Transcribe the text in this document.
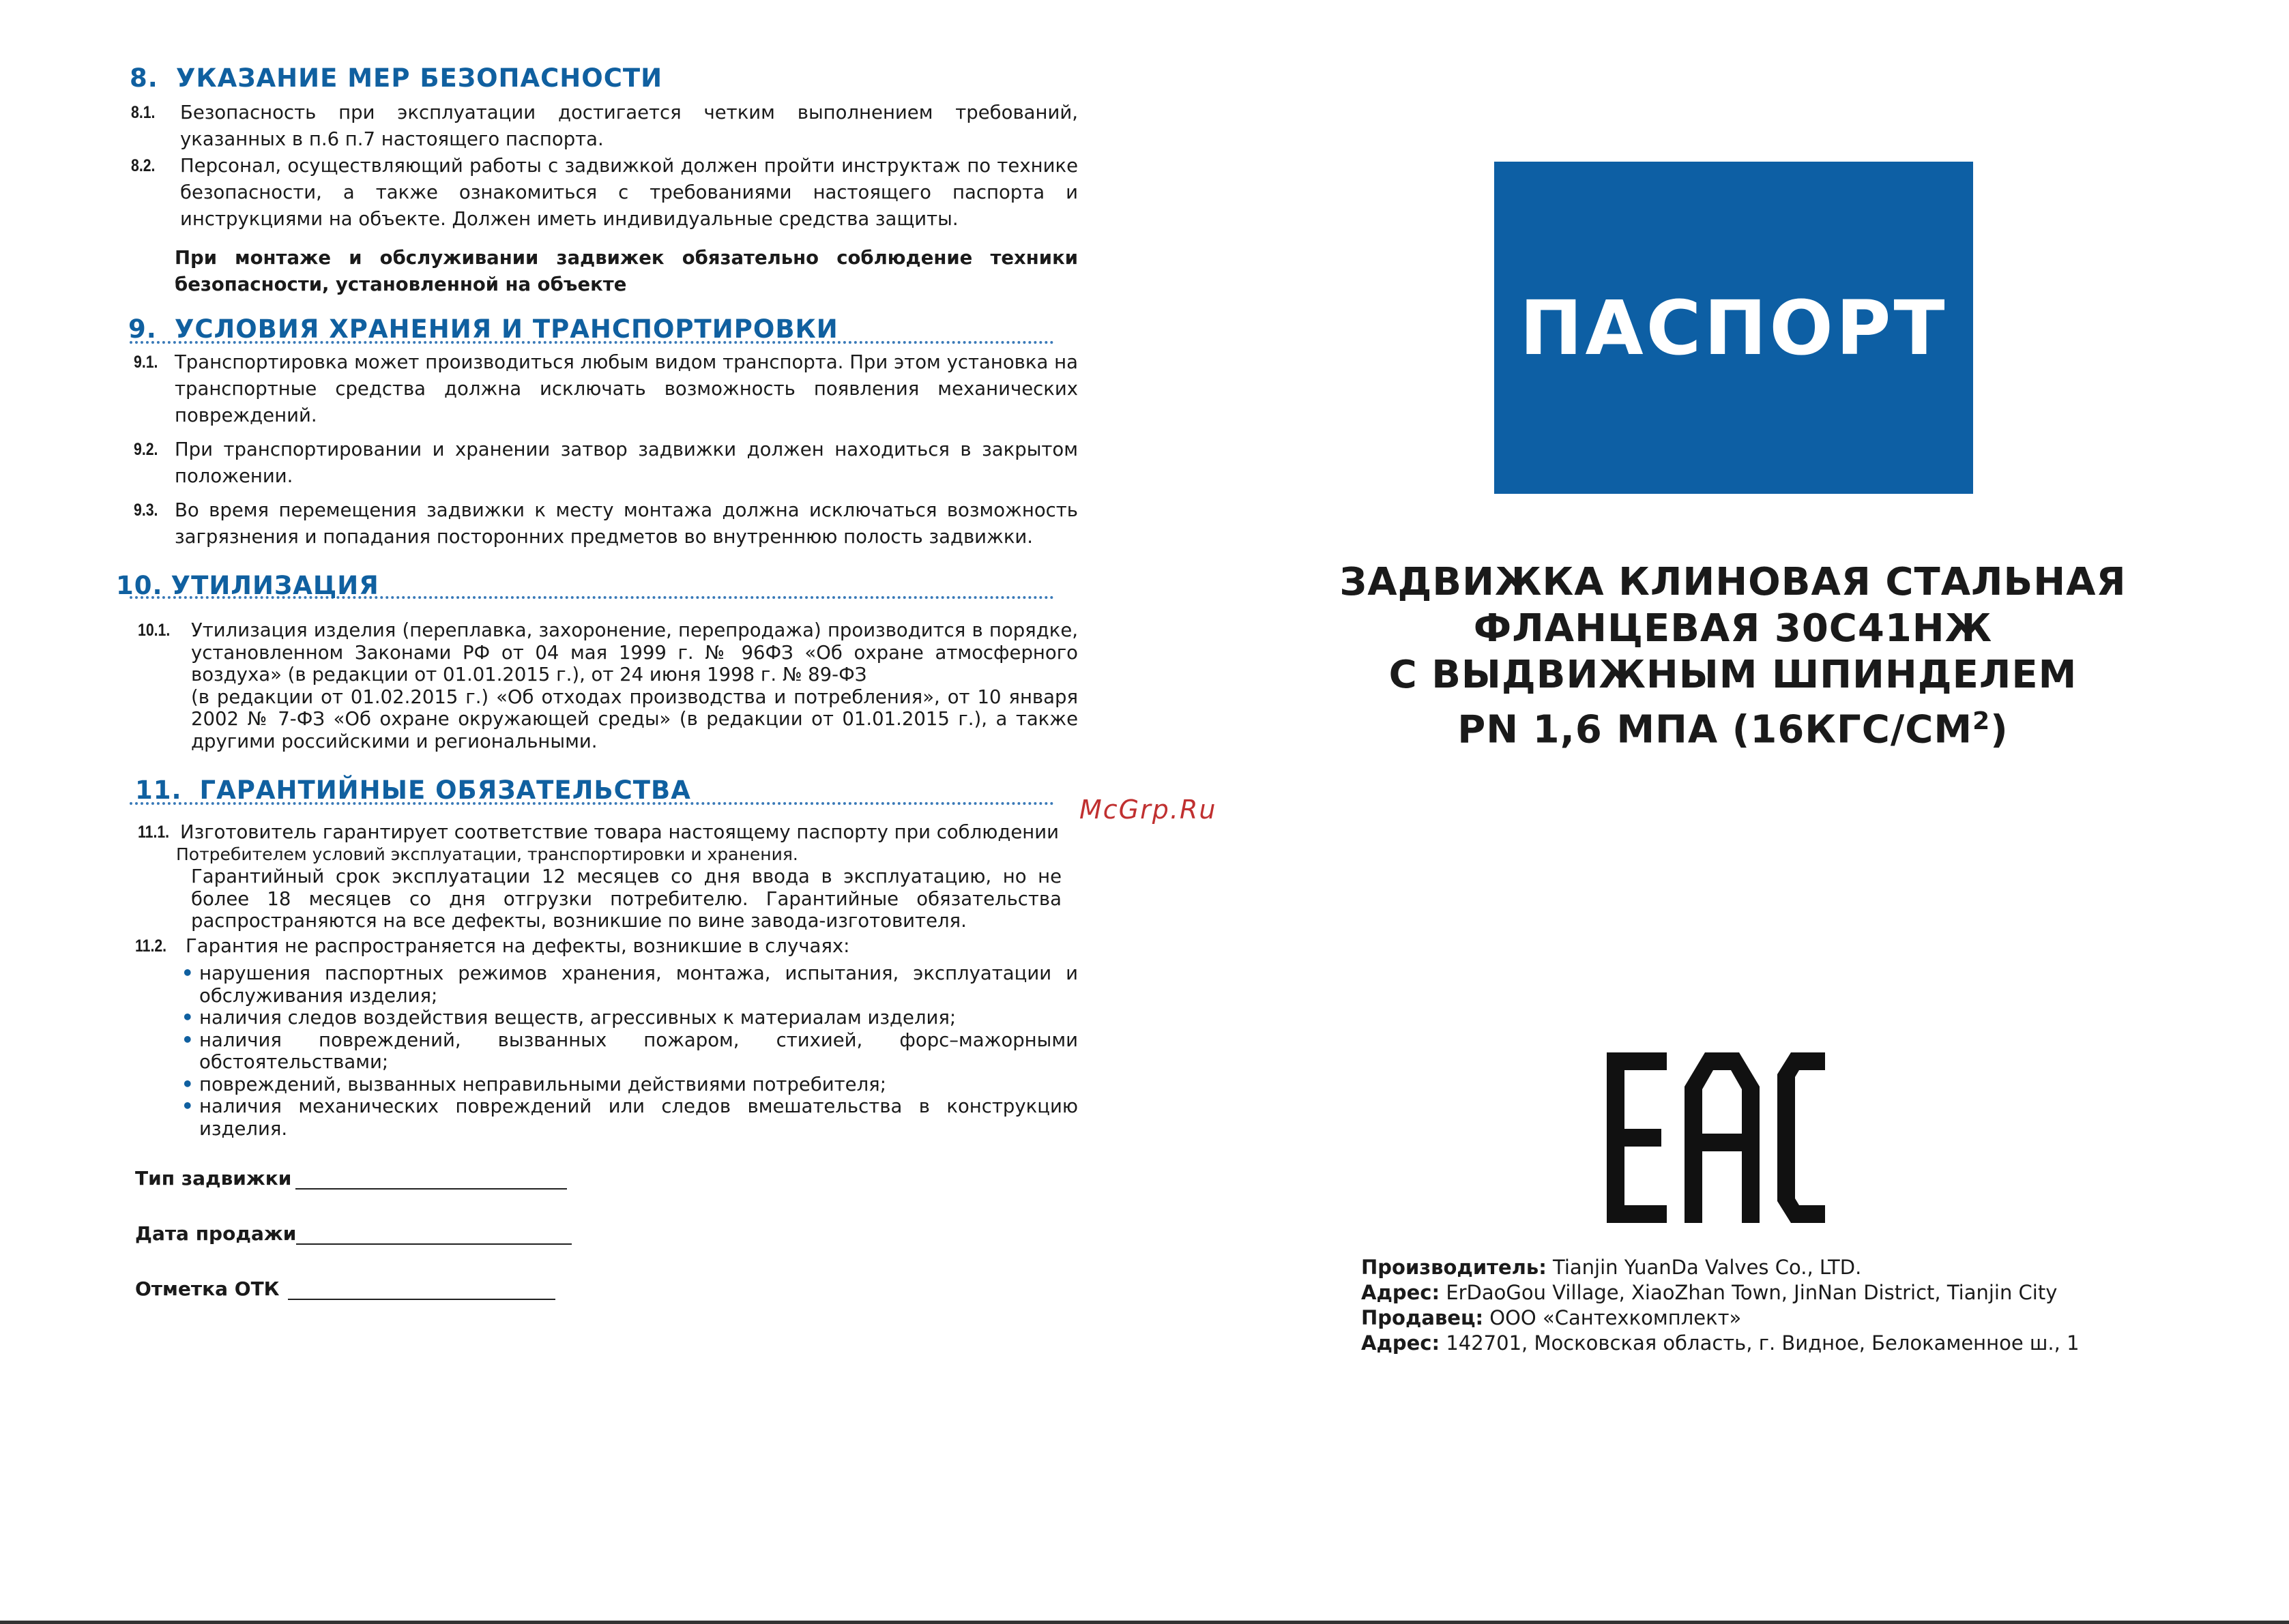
8. УКАЗАНИЕ МЕР БЕЗОПАСНОСТИ
8.1.	Безопасность при эксплуатации достигается четким выполнением требований, указанных в п.6 п.7 настоящего паспорта.
8.2.	Персонал, осуществляющий работы с задвижкой должен пройти инструктаж по технике безопасности, а также ознакомиться с требованиями настоящего паспорта и инструкциями на объекте. Должен иметь индивидуальные средства защиты.
При монтаже и обслуживании задвижек обязательно соблюдение техники безопасности, установленной на объекте
9. УСЛОВИЯ ХРАНЕНИЯ И ТРАНСПОРТИРОВКИ
9.1. Транспортировка может производиться любым видом транспорта. При этом установка на транспортные средства должна исключать возможность появления механических повреждений.
9.2. При транспортировании и хранении затвор задвижки должен находиться в закрытом положении.
9.3. Во время перемещения задвижки к месту монтажа должна исключаться возможность загрязнения и попадания посторонних предметов во внутреннюю полость задвижки.
10. УТИЛИЗАЦИЯ
10.1.	Утилизация изделия (переплавка, захоронение, перепродажа) производится в порядке, установленном Законами РФ от 04 мая 1999 г. № 96ФЗ «Об охране атмосферного воздуха» (в редакции от 01.01.2015 г.), от 24 июня 1998 г. № 89-ФЗ
(в редакции от 01.02.2015 г.) «Об отходах производства и потребления», от 10 января 2002 № 7-ФЗ «Об охране окружающей среды» (в редакции от 01.01.2015 г.), а также другими российскими и региональными.
11. ГАРАНТИЙНЫЕ ОБЯЗАТЕЛЬСТВА
11.1. Изготовитель гарантирует соответствие товара настоящему паспорту при соблюдении
Потребителем условий эксплуатации, транспортировки и хранения.
Гарантийный срок эксплуатации 12 месяцев со дня ввода в эксплуатацию, но не более 18 месяцев со дня отгрузки потребителю. Гарантийные обязательства распространяются на все дефекты, возникшие по вине завода-изготовителя.
11.2.	Гарантия не распространяется на дефекты, возникшие в случаях:
• нарушения паспортных режимов хранения, монтажа, испытания, эксплуатации и обслуживания изделия;
• наличия следов воздействия веществ, агрессивных к материалам изделия;
• наличия повреждений, вызванных пожаром, стихией, форс–мажорными обстоятельствами;
• повреждений, вызванных неправильными действиями потребителя;
• наличия механических повреждений или следов вмешательства в конструкцию изделия.
Тип задвижки
Дата продажи
Отметка ОТК
McGrp.Ru
ПАСПОРТ
ЗАДВИЖКА КЛИНОВАЯ СТАЛЬНАЯ
ФЛАНЦЕВАЯ 30С41НЖ
С ВЫДВИЖНЫМ ШПИНДЕЛЕМ
PN 1,6 МПА $(16КГС/СМ^2)$
Производитель: Tianjin YuanDa Valves Co., LTD.
Адрес: ErDaoGou Village, XiaoZhan Town, JinNan District, Tianjin City
Продавец: ООО «Сантехкомплект»
Адрес: 142701, Московская область, г. Видное, Белокаменное ш., 1
